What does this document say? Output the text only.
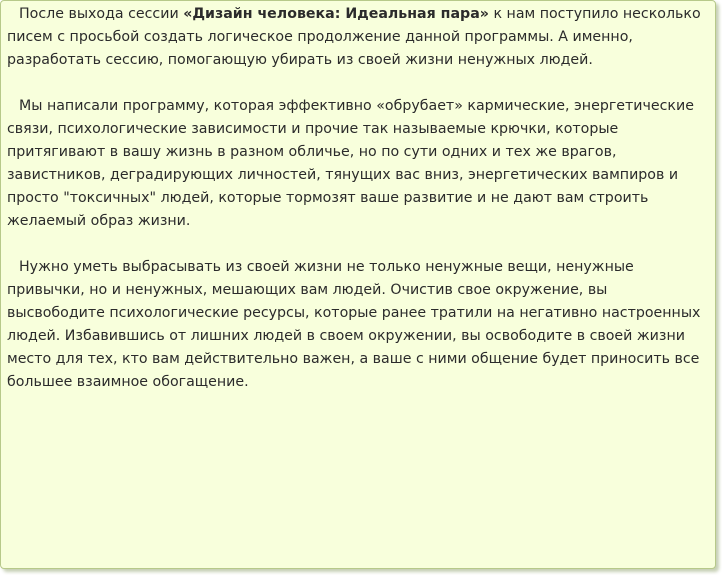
После выхода сессии «Дизайн человека: Идеальная пара» к нам поступило несколько писем с просьбой создать логическое продолжение данной программы. А именно, разработать сессию, помогающую убирать из своей жизни ненужных людей.

Мы написали программу, которая эффективно «обрубает» кармические, энергетические связи, психологические зависимости и прочие так называемые крючки, которые притягивают в вашу жизнь в разном обличье, но по сути одних и тех же врагов, завистников, деградирующих личностей, тянущих вас вниз, энергетических вампиров и просто "токсичных" людей, которые тормозят ваше развитие и не дают вам строить желаемый образ жизни.

Нужно уметь выбрасывать из своей жизни не только ненужные вещи, ненужные привычки, но и ненужных, мешающих вам людей. Очистив свое окружение, вы высвободите психологические ресурсы, которые ранее тратили на негативно настроенных людей. Избавившись от лишних людей в своем окружении, вы освободите в своей жизни место для тех, кто вам действительно важен, а ваше с ними общение будет приносить все большее взаимное обогащение.
